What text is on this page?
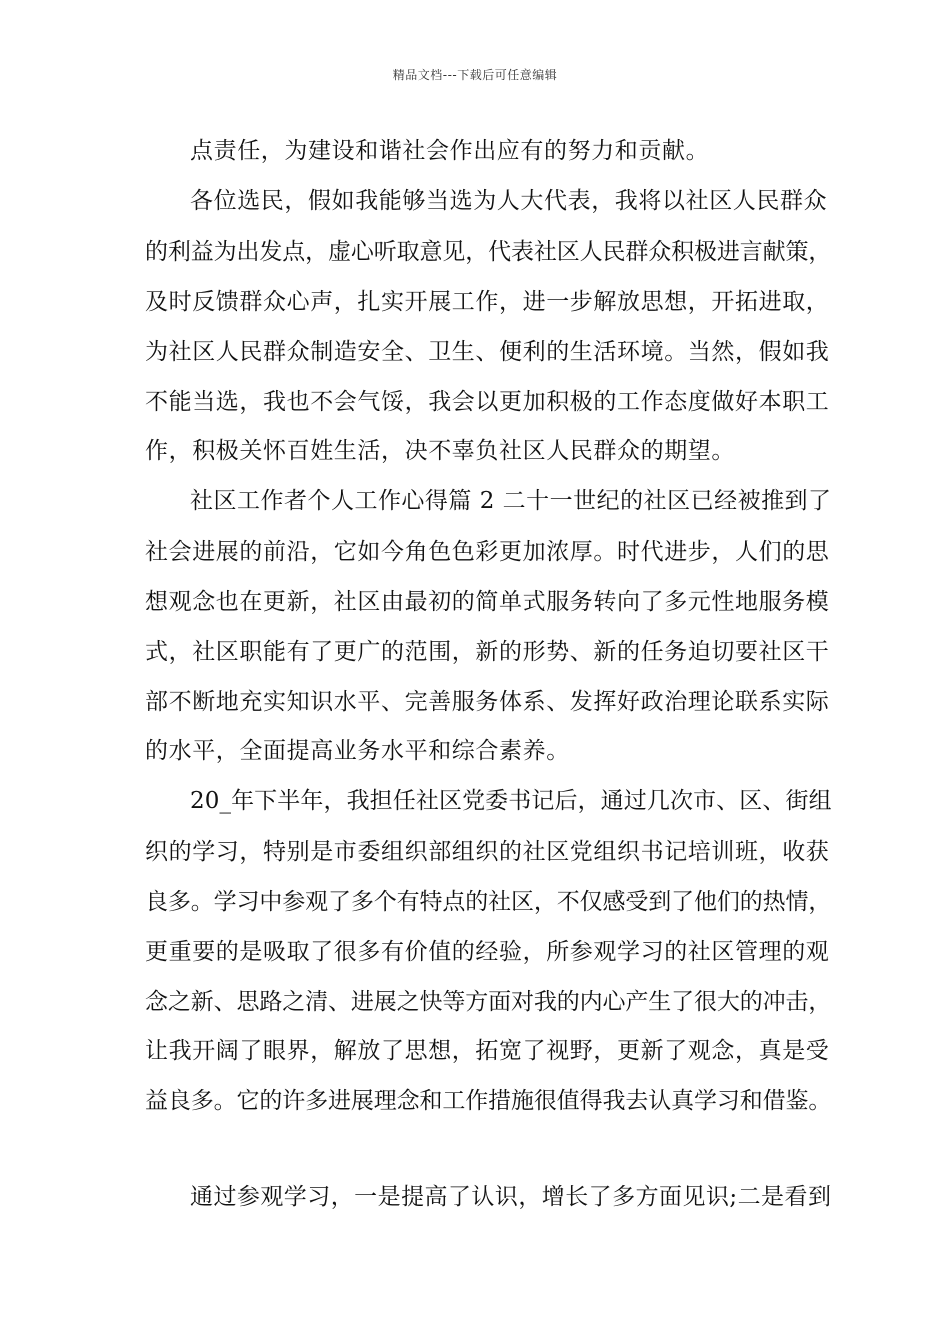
精品文档---下载后可任意编辑
点责任，为建设和谐社会作出应有的努力和贡献。
各位选民，假如我能够当选为人大代表，我将以社区人民群众
的利益为出发点，虚心听取意见，代表社区人民群众积极进言献策，
及时反馈群众心声，扎实开展工作，进一步解放思想，开拓进取，
为社区人民群众制造安全、卫生、便利的生活环境。当然，假如我
不能当选，我也不会气馁，我会以更加积极的工作态度做好本职工
作，积极关怀百姓生活，决不辜负社区人民群众的期望。
社区工作者个人工作心得篇 2 二十一世纪的社区已经被推到了
社会进展的前沿，它如今角色色彩更加浓厚。时代进步，人们的思
想观念也在更新，社区由最初的简单式服务转向了多元性地服务模
式，社区职能有了更广的范围，新的形势、新的任务迫切要社区干
部不断地充实知识水平、完善服务体系、发挥好政治理论联系实际
的水平，全面提高业务水平和综合素养。
20_年下半年，我担任社区党委书记后，通过几次市、区、街组
织的学习，特别是市委组织部组织的社区党组织书记培训班，收获
良多。学习中参观了多个有特点的社区，不仅感受到了他们的热情，
更重要的是吸取了很多有价值的经验，所参观学习的社区管理的观
念之新、思路之清、进展之快等方面对我的内心产生了很大的冲击，
让我开阔了眼界，解放了思想，拓宽了视野，更新了观念，真是受
益良多。它的许多进展理念和工作措施很值得我去认真学习和借鉴。
通过参观学习，一是提高了认识，增长了多方面见识;二是看到
